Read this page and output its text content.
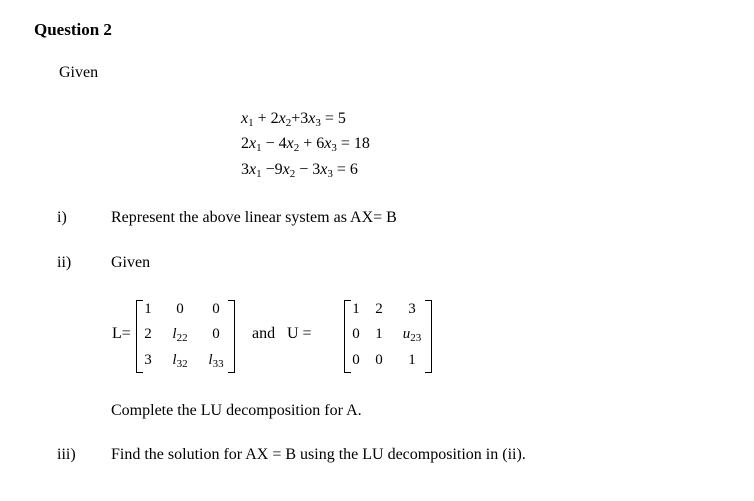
Question 2
Given
$x_1 + 2x_2+3x_3 = 5$
$2x_1 - 4x_2 + 6x_3 = 18$
$3x_1 -9x_2 - 3x_3 = 6$
i)	Represent the above linear system as AX= B
ii) Given
L=
1	0	0
2	$l_{22}$	0
3	$l_{32}$	$l_{33}$
and U =
1	2	3
0	1	$u_{23}$
0	0	1
Complete the LU decomposition for A.
iii) Find the solution for AX = B using the LU decomposition in (ii).
